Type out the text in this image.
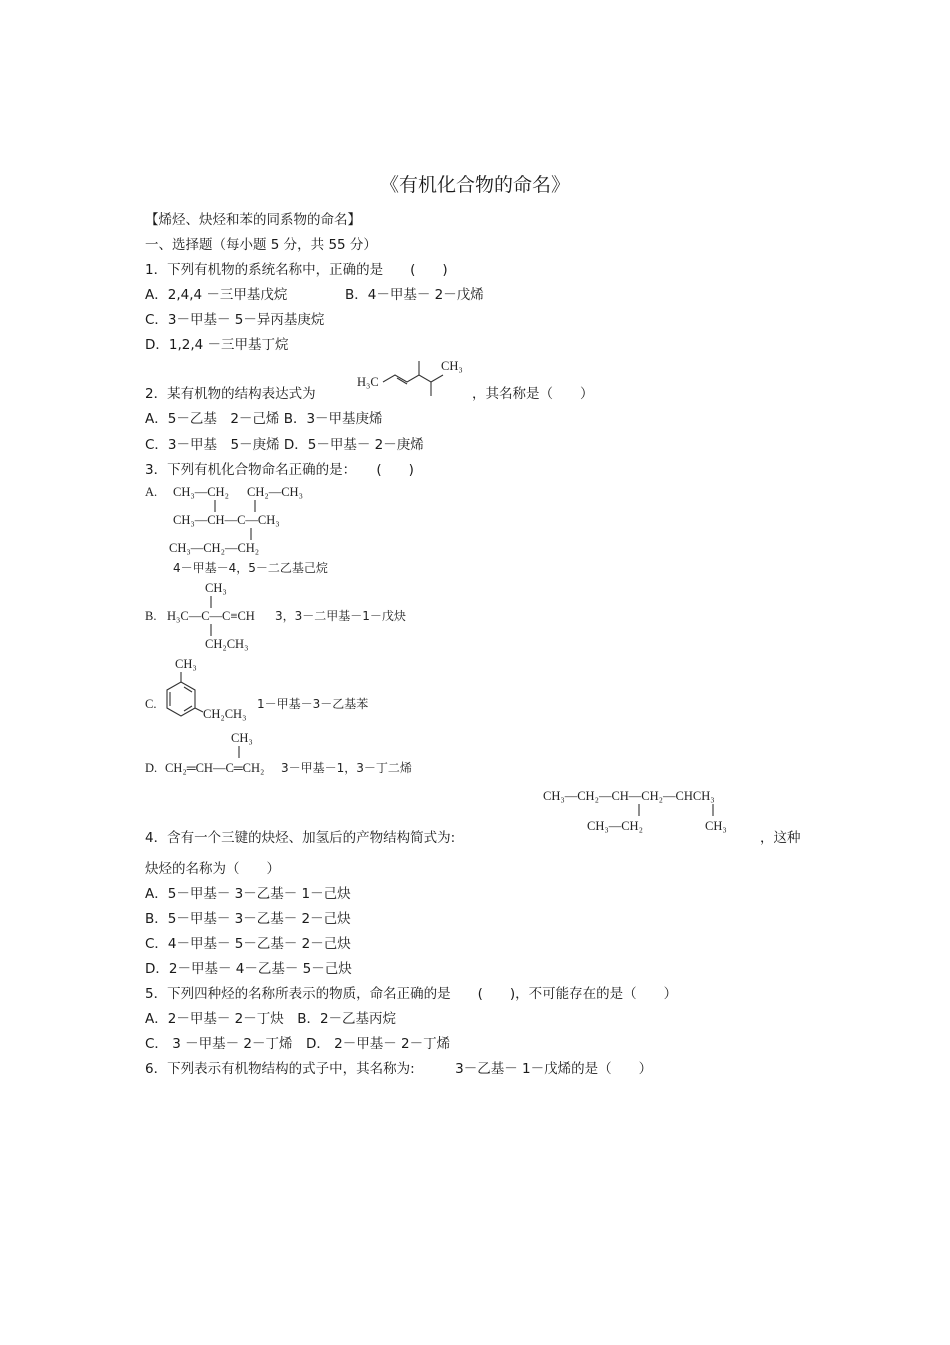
《有机化合物的命名》
【烯烃、炔烃和苯的同系物的命名】
一、选择题（每小题 5 分，共 55 分）
1．下列有机物的系统名称中，正确的是　　(　　)
A．2,4,4 －三甲基戊烷	B．4－甲基－ 2－戊烯
C．3－甲基－ 5－异丙基庚烷
D．1,2,4 －三甲基丁烷
2．某有机物的结构表达式为
H₃C
CH₃
，其名称是（　　）
A．5－乙基　2－己烯 B．3－甲基庚烯
C．3－甲基　5－庚烯 D．5－甲基－ 2－庚烯
3．下列有机化合物命名正确的是：　　(　　)
A. CH₃—CH₂ CH₂—CH₃
CH₃—CH—C—CH₃
CH₃—CH₂—CH₂
4－甲基－4，5－二乙基己烷
CH₃
B. H₃C—C—C≡CH 3，3－二甲基－1－戊炔
CH₂CH₃
CH₃
C.
CH₂CH₃
1－甲基－3－乙基苯
CH₃
D. CH₂═CH—C═CH₂ 3－甲基－1，3－丁二烯
CH₃—CH₂—CH—CH₂—CHCH₃
CH₃—CH₂	CH₃
4．含有一个三键的炔烃、加氢后的产物结构简式为:	，这种
炔烃的名称为（　　）
A．5－甲基－ 3－乙基－ 1－己炔
B．5－甲基－ 3－乙基－ 2－己炔
C．4－甲基－ 5－乙基－ 2－己炔
D．2－甲基－ 4－乙基－ 5－己炔
5．下列四种烃的名称所表示的物质，命名正确的是　　(　　)，不可能存在的是（　　）
A．2－甲基－ 2－丁炔　B．2－乙基丙烷
C． 3 －甲基－ 2－丁烯　D． 2－甲基－ 2－丁烯
6．下列表示有机物结构的式子中，其名称为:　　　3－乙基－ 1－戊烯的是（　　）
